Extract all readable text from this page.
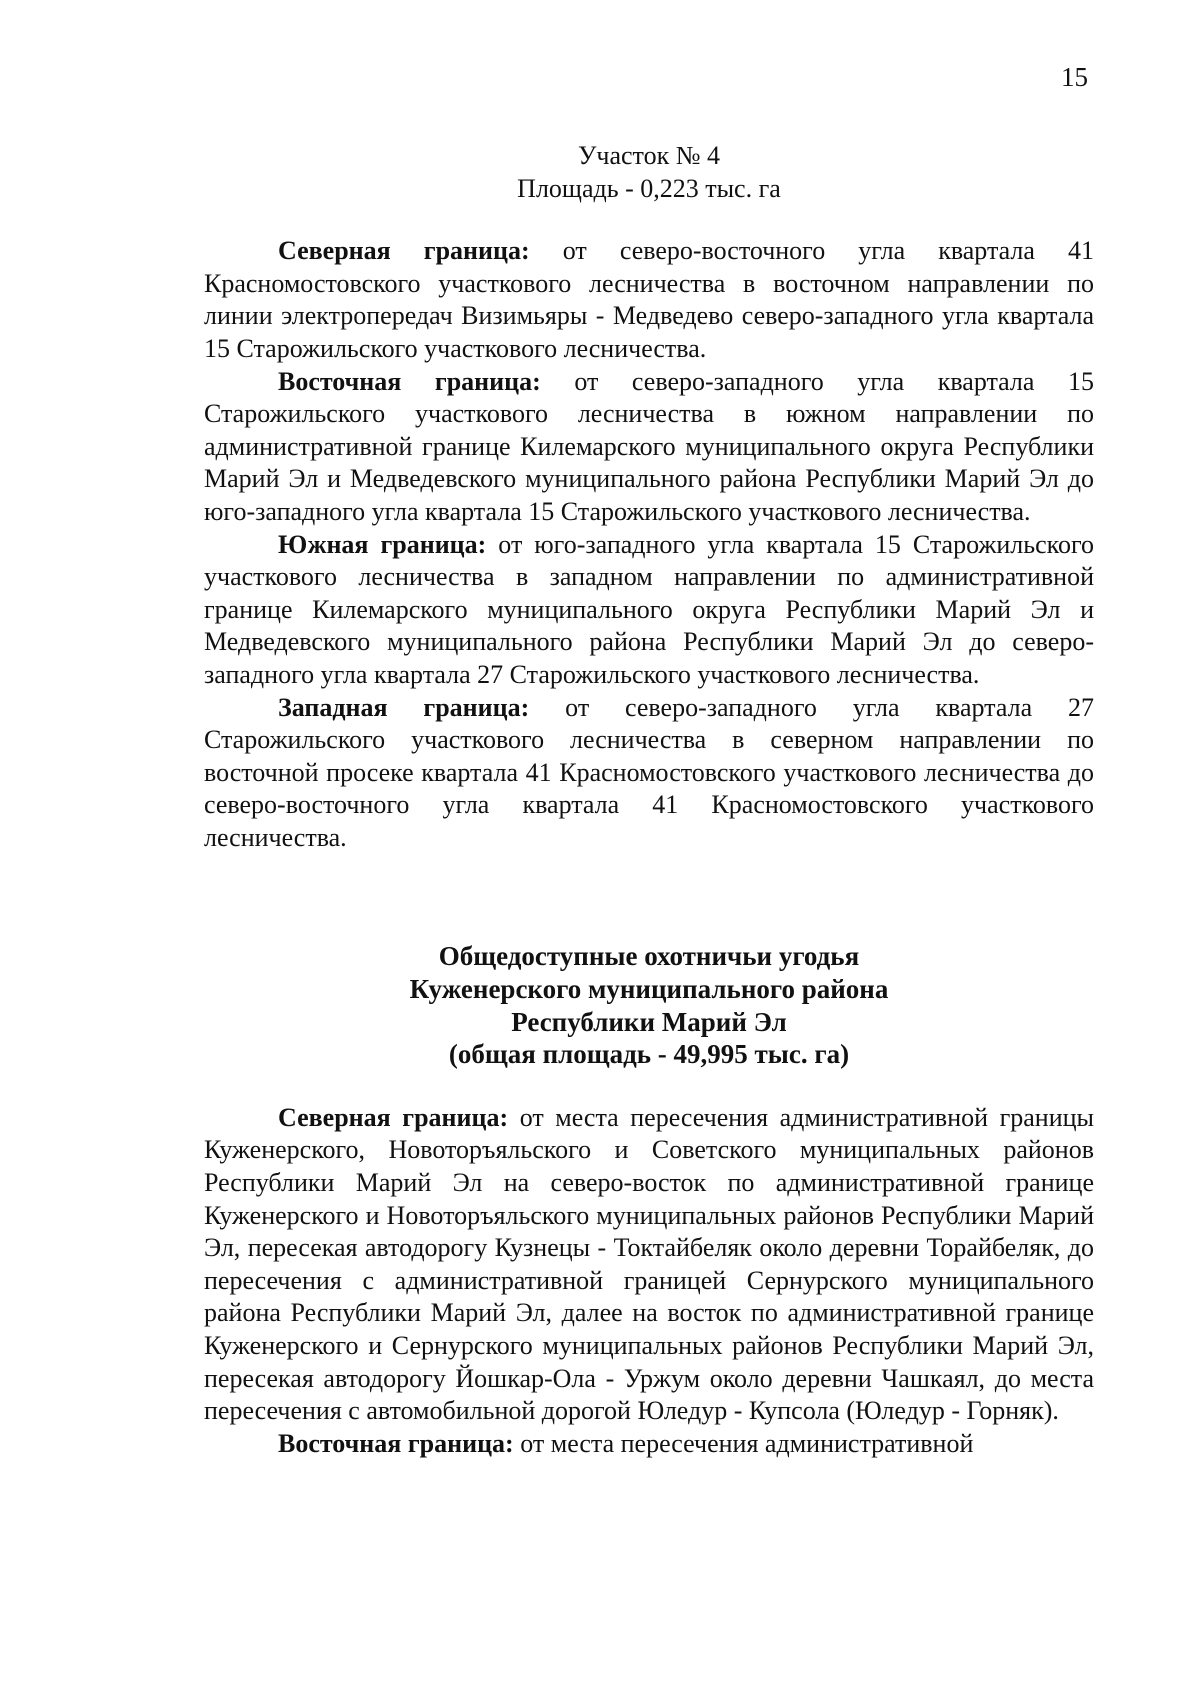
15

Участок № 4

Площадь - 0,223 тыс. га

Северная граница: от северо-восточного угла квартала 41 Красномостовского участкового лесничества в восточном направлении по линии электропередач Визимьяры - Медведево северо-западного угла квартала 15 Старожильского участкового лесничества.

Восточная граница: от северо-западного угла квартала 15 Старожильского участкового лесничества в южном направлении по административной границе Килемарского муниципального округа Республики Марий Эл и Медведевского муниципального района Республики Марий Эл до юго-западного угла квартала 15 Старожильского участкового лесничества.

Южная граница: от юго-западного угла квартала 15 Старожильского участкового лесничества в западном направлении по административной границе Килемарского муниципального округа Республики Марий Эл и Медведевского муниципального района Республики Марий Эл до северо-западного угла квартала 27 Старожильского участкового лесничества.

Западная граница: от северо-западного угла квартала 27 Старожильского участкового лесничества в северном направлении по восточной просеке квартала 41 Красномостовского участкового лесничества до северо-восточного угла квартала 41 Красномостовского участкового лесничества.

Общедоступные охотничьи угодья
Куженерского муниципального района
Республики Марий Эл
(общая площадь - 49,995 тыс. га)

Северная граница: от места пересечения административной границы Куженерского, Новоторъяльского и Советского муниципальных районов Республики Марий Эл на северо-восток по административной границе Куженерского и Новоторъяльского муниципальных районов Республики Марий Эл, пересекая автодорогу Кузнецы - Токтайбеляк около деревни Торайбеляк, до пересечения с административной границей Сернурского муниципального района Республики Марий Эл, далее на восток по административной границе Куженерского и Сернурского муниципальных районов Республики Марий Эл, пересекая автодорогу Йошкар-Ола - Уржум около деревни Чашкаял, до места пересечения с автомобильной дорогой Юледур - Купсола (Юледур - Горняк).

Восточная граница: от места пересечения административной
